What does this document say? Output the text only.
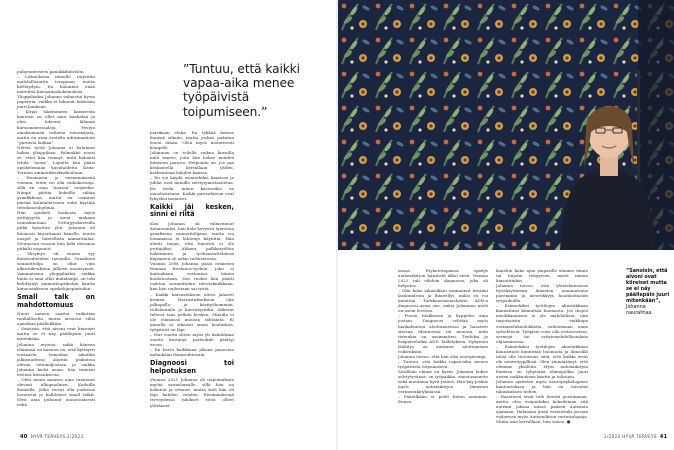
puhjenneeseen paniikkihäiriöön.

– Luksiolassa minulle tarjottiin mahdollisuutta terapiaan, mutta kieltäydyin. En halunnut enää märehtiä kiusaamiskokemuksia.

Ylioppilaaksi Johanna valmistui hyvin paperein, vaikka ei lukenut kokeisiin juuri lainkaan.

– Kirjat lukemineen kanneesta kanteen on ollut aina hankalaa ja olen lukenut lähinnä kurssimateriaaleja. Pystyn omaksumaan valtavia tietomääriä, mutta en osaa erotella informaatiota ”puruista lankaa”.

Nätviä työtä Johanna ei halunnut hakea ylioppilaan. Palmakkö nousi se, ettei hän tiennyt, mitä haluaisi tehdä ”isona”. Lopulta hän pääsi opiskelemaan kuvataidetta Kemi-Tornion ammattikorkeakouluun.

– Huomasin jo ensimmäisenä vuonna, etten voi olla vaikokuvaaja, sillä en osaa ”nauraa” tarpeeksi. Niinpä päätin kokeilla vähän graafikkona, mutta en osannut piirtää kolmiulotteista enkä käyttää tietokoneohjelmia.

Hän opiskeli loukusta myös yrittäjyyttä ja meni mukaan osuuskuntaan. Yrittäjyyskurssilla pitkä kysyttiin yhä. Johanna oli huonosti kirjoittanut hänelle, mutta uuspel ja taiteellista ammattialaa. Seuraavan vuosiin hän koki olevansa pitkälti uupunut.

– Väsymys oli suurin syy ihmissuhteiden taustalla. Graafinen suunnittelija on ollut vain alkuvaikeuksien jälkeen monisyinen. Vammaisena ylioppilaaksi vaikka hinta ei aina ollut matalampi, on toki kehittynyt ammattiopiskelun kautta kiinnostukseen opiskelijaopintoihin.

Small talk on mahdottomuus

Nuori nainen saattoi vaikuttaa rauhalliselta, mutta aivoissa vilisi ajatuksia päällekkäin.

– Sanoisin, että aivoni ovat kiireiset mutta se ei näy päällepäin juuri mitenkään.

Johanna myönsi, mikä häneen eläminsä on kunnon on, että kyttäyrit vastaasta. Samoihin aikoihin jalkisuudessa aloittin paikoissa olevan automiljooissa ja vaikka Johanna kielsi asian, hän tunnisti itsensä kuvauksesta.

– Olen muun muassa aina tunnenut olevani ulkopuolinen. Kaduilla ihmisillä, jotka voivat olla joukossa luonteeni ja halliteiset small talkit. Olen aina puhunut monotonisesti enkä.

”Tuntuu, että kaikki vapaa-aika menee työpäivistä toipumiseen.”

juurikaan eleha. En tykkää katsoa ihmisiä silmiin, mutta joskus pakotan itseni tähän. Olen myös motorisesti kömpelö.

Johannan on todella vaikea kuvailla mitä tuntee, joita hän kokee muiden ihmisten parissa. Helpointa on, jos saa keskustella kerrallaan yhden, korkeintaan kahden kanssa.

– En voi käydä esimerkiksi baarissa ja juhlat ovat minulle selviytymistaistelua. En tiedä, miten kavereiksi on muodostetaan. Kaikki parisuhteeni ovat lyhyeksi menneet.

Kaikki jäi kesken, sinni ei riitä

Kun Johanna oli valmistunut datanomiksi, hän koki kevyesti työnteon graafisena suunnittelijana, mutta voi hommassa ei lähtenyt käyntiin. Hän aloitti taijan, että hänestä ei ole yrittäjäksi. Ahkera palkkatyöhön hakeminen ja työhaastatteluissa käyminen oli sekin tuloksetonta.

Vuonna 2006 Johanna pääsi erääseen firmaan freelance-työhön, joka ei kuitenkaan vastannut hänen koulutustaan. Sen vuoksi hän päätti vaihtaa suunnittelun tietotekniikkaan, kun hän uudestaan sai työtä.

– Kaikki harrastukseni olivat jääneet kesken. Harrastuksekseni olin jalkapallo- ja käsityöhommiin, rullalautailu ja kierrätystiilin. Ahkerat tulevat taas pelkän kesken. Minulla ei ole elämässä muusta tähtäintä. Ei minulla ei oikeasti omaa kouluskoa, työpäivät on läpi.

– Pari vuotta sitten myös yli kahdeksan vuotta kestänyt parisuhde päättyi eroon.

– En kerta kaikkiaan jaksaa panostaa mihinkään ihmissuhteisiin.

Diagnoosi toi helpotuksen

Vuonna 2021 Johanna oli uupumuksen myötä sairaslomalle, sillä hän on kokenut ja ottanut, mutta siitä hän oli läpi kahden vuoden. Ensimmäisenä terveydessä tulokset eivät olleet ylittäneet.

nossa. Psykoterapiassa epäilys autismikirjon häiriöstä alkoi virtä. Vuonna 2022 tuli vihdoin diagnoosi, joka oli helpotus.

– Olin koko aikuisikäni sonnannut itsetäni laiskuudesta ja ihmeellyt, miksi en voi muuttaa. Tarkkaavaisuushäiriö ADD:n diagnoosi avasi sen, miksi Johannan mieli on usein levoton.

– Puoon hiukkasen ja hyppelee aina jostain. Diagnoosi selittää myös hankaluuteni aloittamisessa ja haasteet sitovan tilanteessa tai muussa, mitä tietenkin on useimmiten. Tiedoksi ja lisäpalveluiksi ADD -lääkityksen. Nykyinen lääkitys on auttanut aloittamisen vaikeuksiin.

Johanna toivoo, että hän olisi energisempi.

– Tuntuu, että kaikki vapaa-aika menee työpäivistä toipumiseen.

Sisällään elämä on hyvin. Johanna kokee selviytyvänsä: on työpaikka, omistusasunto sekä muutama hyvä ystävä. Hän käy joskus myös autismikirjon ihmisten vertaistukiryhmässä.

– Päätelkään ei pelet kuten aiemmin. Ennen

40 HYVÄ TERVEYS 2/2023

kaneliin koko ajan ympärille stimme tänne tai tuijotin ryhyyteen, mistä minua kiusattiinkin.

Johanna toivoo, että yhteiskunnassa hyväksyttäisiin ihmisten moninaisuus paremmin ja aivoerkkyys huomioitaisiin työpaikoilla.

– Esimerkiksi työtilojen akustiikkaan kannattaisi kiinnittää huomiota. Jos ihojen muokkaamisen ei ole mahdollista, niin tarjottaisiin vaikkapa vastamelukuulokkeita, valitsemaan omia työtehtäviä. Työpiste voisi olla eritasoisissa, sermejä tai erityismahdollisuuksia ohjaamisessa.

– Esimerkiksi työtilojen akustiikkaan kannattaisi kiinnittää huomiota ja ihmisillä tulisi olla tietoisuus siitä, että kaikki eivät ole neurotyypillisiä. Olen ymmärtänyt, että olemme yksilöitä. Myös autismikirjon ihmisen on tyhjentää elimopolkia juuri aisten tarkkuuksen kautta ja tahtojen.

Johanna ajattelee myös neuropsykologisen kuntoutuksen ja hän on toivonut takuskuksen tiehen.

– Haasteeni eivät tule itsestä poistumaan, mutta olen esimerkiksi kokeileman sitä autismi jaksaa missä pääsen autismin ajamaan. Haluaisin pitää vertaistuki jossain vaiheessa myös Autismiliiton vertaisohjaaja. Muita asia kerrallaan, hän sanoo. ●

”Sanoisin, että aivoni ovat kiireiset mutta se ei näy päällepäin juuri mitenkään”, Johanna naurahtaa.
2/2023 HYVÄ TERVEYS 41
